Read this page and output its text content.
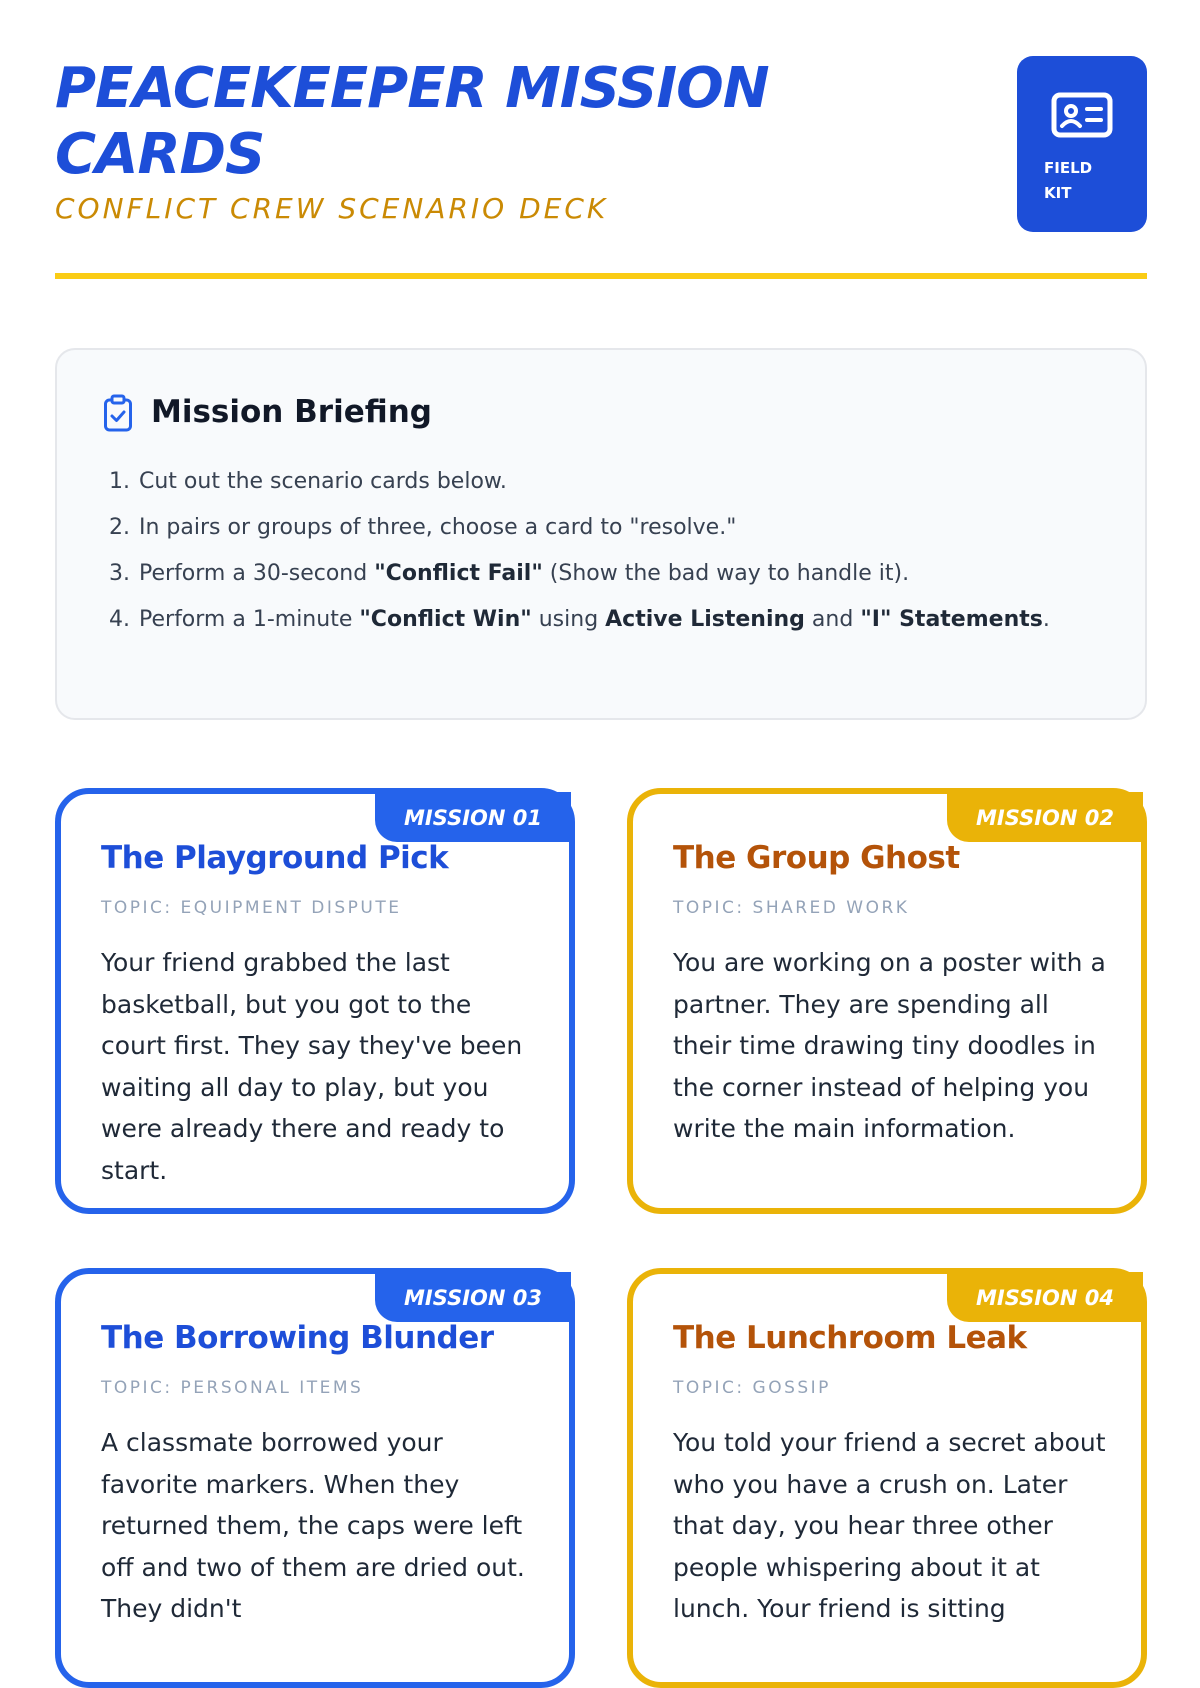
PEACEKEEPER MISSION CARDS
CONFLICT CREW SCENARIO DECK
FIELD
KIT
Mission Briefing
1. Cut out the scenario cards below.
2. In pairs or groups of three, choose a card to "resolve."
3. Perform a 30-second "Conflict Fail" (Show the bad way to handle it).
4. Perform a 1-minute "Conflict Win" using Active Listening and "I" Statements.
MISSION 01
The Playground Pick
TOPIC: EQUIPMENT DISPUTE

Your friend grabbed the last basketball, but you got to the court first. They say they've been waiting all day to play, but you were already there and ready to start.

MISSION 02
The Group Ghost
TOPIC: SHARED WORK

You are working on a poster with a partner. They are spending all their time drawing tiny doodles in the corner instead of helping you write the main information.

MISSION 03
The Borrowing Blunder
TOPIC: PERSONAL ITEMS

A classmate borrowed your favorite markers. When they returned them, the caps were left off and two of them are dried out. They didn't

MISSION 04
The Lunchroom Leak
TOPIC: GOSSIP

You told your friend a secret about who you have a crush on. Later that day, you hear three other people whispering about it at lunch. Your friend is sitting
